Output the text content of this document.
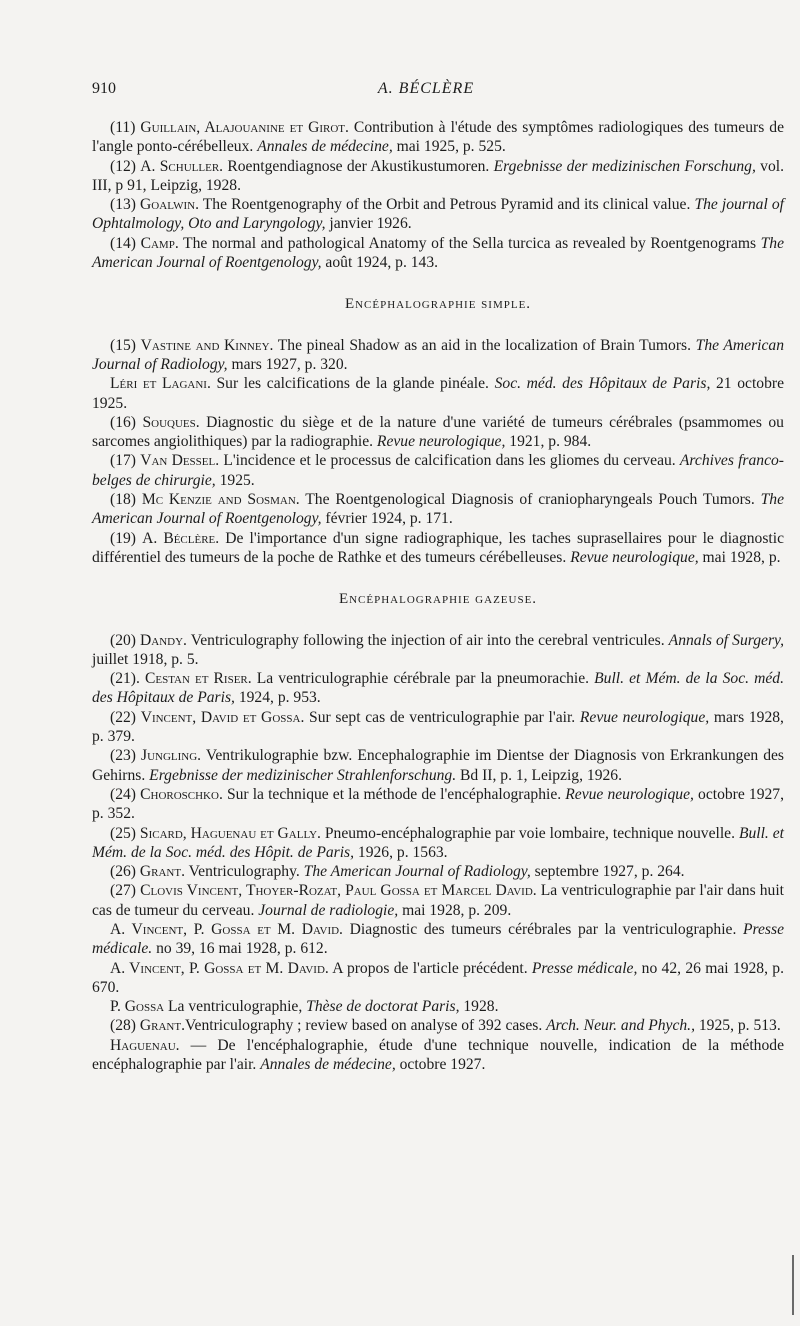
910	A. BÉCLÈRE

(11) Guillain, Alajouanine et Girot. Contribution à l'étude des symptômes radiologiques des tumeurs de l'angle ponto-cérébelleux. Annales de médecine, mai 1925, p. 525.

(12) A. Schuller. Roentgendiagnose der Akustikustumoren. Ergebnisse der medizinischen Forschung, vol. III, p 91, Leipzig, 1928.

(13) Goalwin. The Roentgenography of the Orbit and Petrous Pyramid and its clinical value. The journal of Ophtalmology, Oto and Laryngology, janvier 1926.

(14) Camp. The normal and pathological Anatomy of the Sella turcica as revealed by Roentgenograms The American Journal of Roentgenology, août 1924, p. 143.

Encéphalographie simple.

(15) Vastine and Kinney. The pineal Shadow as an aid in the localization of Brain Tumors. The American Journal of Radiology, mars 1927, p. 320.

Léri et Lagani. Sur les calcifications de la glande pinéale. Soc. méd. des Hôpitaux de Paris, 21 octobre 1925.

(16) Souques. Diagnostic du siège et de la nature d'une variété de tumeurs cérébrales (psammomes ou sarcomes angiolithiques) par la radiographie. Revue neurologique, 1921, p. 984.

(17) Van Dessel. L'incidence et le processus de calcification dans les gliomes du cerveau. Archives franco-belges de chirurgie, 1925.

(18) Mc Kenzie and Sosman. The Roentgenological Diagnosis of craniopharyngeals Pouch Tumors. The American Journal of Roentgenology, février 1924, p. 171.

(19) A. Béclère. De l'importance d'un signe radiographique, les taches suprasellaires pour le diagnostic différentiel des tumeurs de la poche de Rathke et des tumeurs cérébelleuses. Revue neurologique, mai 1928, p.

Encéphalographie gazeuse.

(20) Dandy. Ventriculography following the injection of air into the cerebral ventricules. Annals of Surgery, juillet 1918, p. 5.

(21). Cestan et Riser. La ventriculographie cérébrale par la pneumorachie. Bull. et Mém. de la Soc. méd. des Hôpitaux de Paris, 1924, p. 953.

(22) Vincent, David et Gossa. Sur sept cas de ventriculographie par l'air. Revue neurologique, mars 1928, p. 379.

(23) Jungling. Ventrikulographie bzw. Encephalographie im Dientse der Diagnosis von Erkrankungen des Gehirns. Ergebnisse der medizinischer Strahlenforschung. Bd II, p. 1, Leipzig, 1926.

(24) Choroschko. Sur la technique et la méthode de l'encéphalographie. Revue neurologique, octobre 1927, p. 352.

(25) Sicard, Haguenau et Gally. Pneumo-encéphalographie par voie lombaire, technique nouvelle. Bull. et Mém. de la Soc. méd. des Hôpit. de Paris, 1926, p. 1563.

(26) Grant. Ventriculography. The American Journal of Radiology, septembre 1927, p. 264.

(27) Clovis Vincent, Thoyer-Rozat, Paul Gossa et Marcel David. La ventriculographie par l'air dans huit cas de tumeur du cerveau. Journal de radiologie, mai 1928, p. 209.

A. Vincent, P. Gossa et M. David. Diagnostic des tumeurs cérébrales par la ventriculographie. Presse médicale. no 39, 16 mai 1928, p. 612.

A. Vincent, P. Gossa et M. David. A propos de l'article précédent. Presse médicale, no 42, 26 mai 1928, p. 670.

P. Gossa La ventriculographie, Thèse de doctorat Paris, 1928.

(28) Grant.Ventriculography ; review based on analyse of 392 cases. Arch. Neur. and Phych., 1925, p. 513.

Haguenau. — De l'encéphalographie, étude d'une technique nouvelle, indication de la méthode encéphalographie par l'air. Annales de médecine, octobre 1927.
